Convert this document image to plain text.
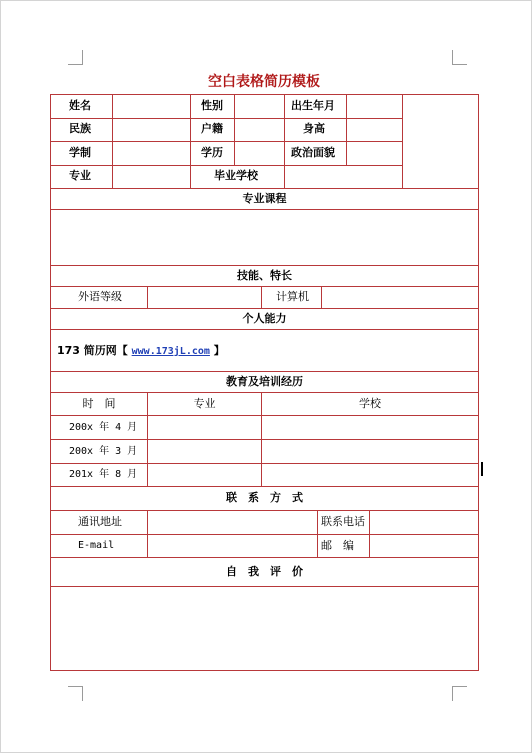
空白表格简历模板
姓名	性别	出生年月
民族	户籍	身高
学制	学历	政治面貌
专业	毕业学校
专业课程
技能、特长
外语等级	计算机
个人能力
173 简历网【 www.173jL.com 】
教育及培训经历
时　间	专业	学校
200x 年 4 月
200x 年 3 月
201x 年 8 月
联　系　方　式
通讯地址	联系电话
E-mail	邮　编
自　我　评　价
